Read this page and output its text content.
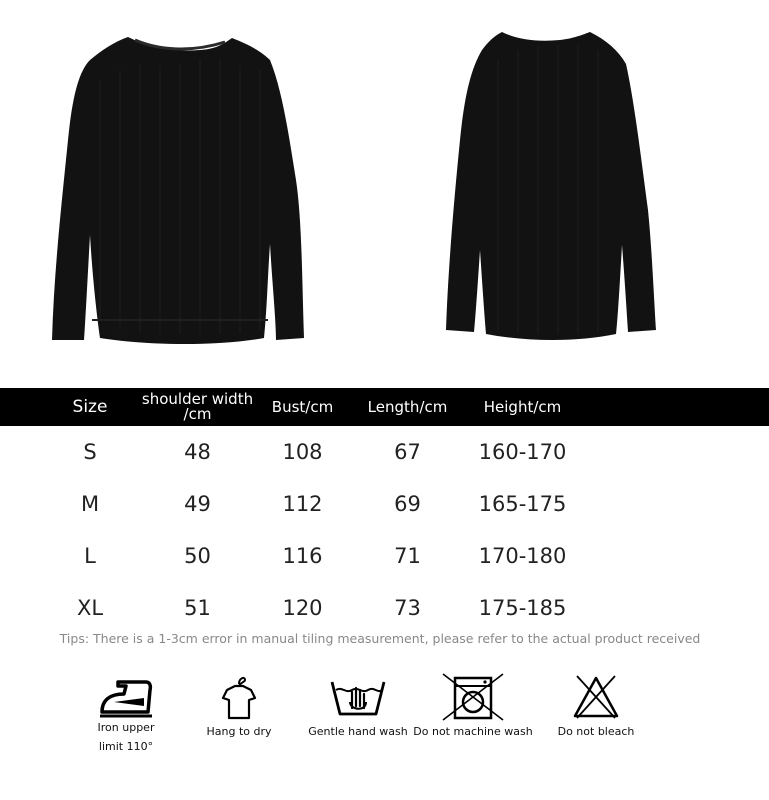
Size	shoulder width /cm	Bust/cm	Length/cm	Height/cm	
S	48	108	67	160-170	
M	49	112	69	165-175	
L	50	116	71	170-180	
XL	51	120	73	175-185	
Tips: There is a 1-3cm error in manual tiling measurement, please refer to the actual product received
Iron upper limit 110°
Hang to dry	Gentle hand wash Do not machine wash	Do not bleach
